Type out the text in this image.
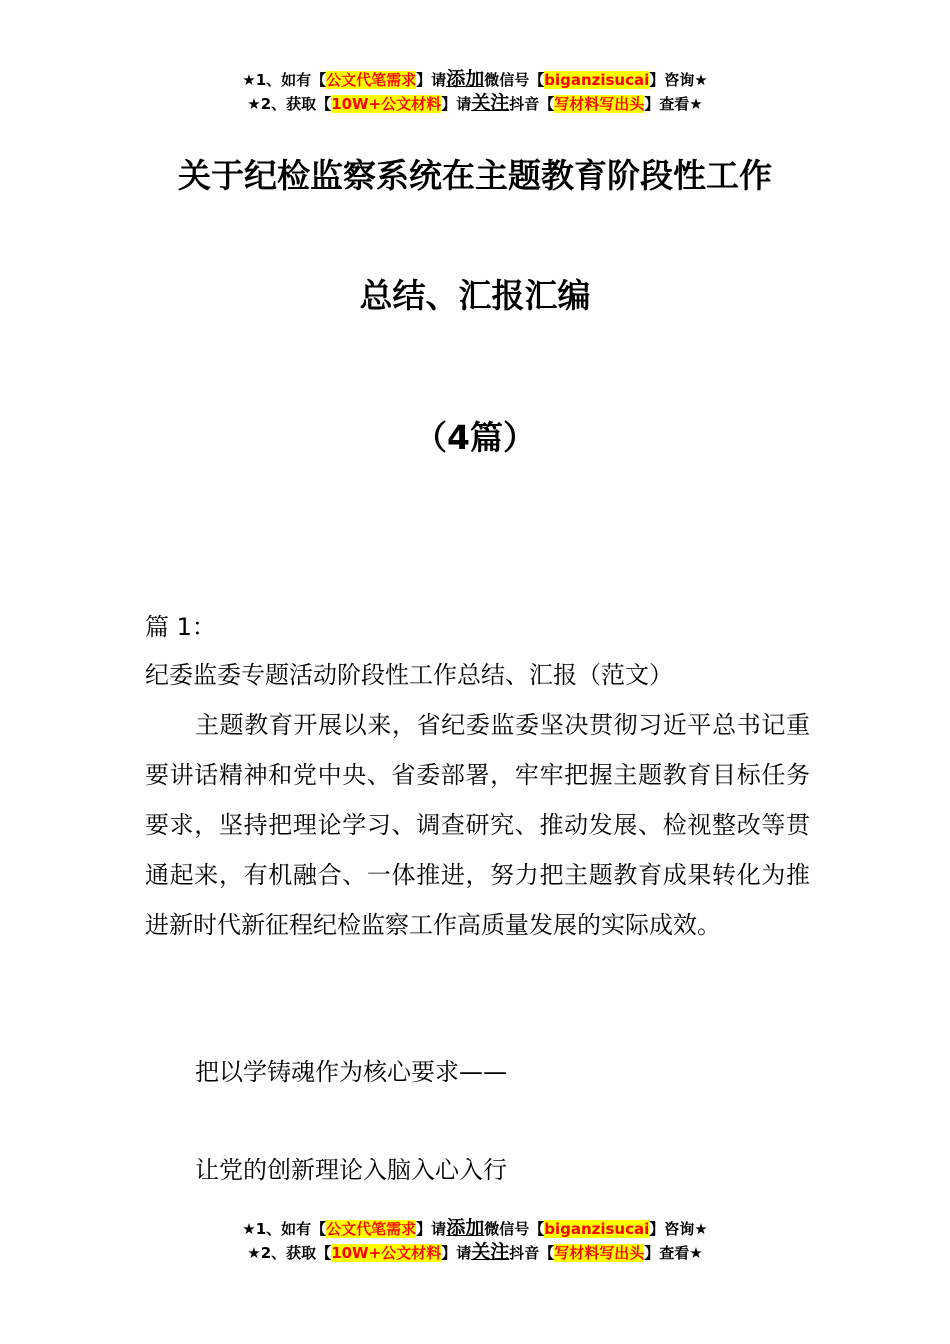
★1、如有【公文代笔需求】请添加微信号【biganzisucai】咨询★
★2、获取【10W+公文材料】请关注抖音【写材料写出头】查看★
关于纪检监察系统在主题教育阶段性工作
总结、汇报汇编
（4篇）

篇 1：

纪委监委专题活动阶段性工作总结、汇报（范文）

主题教育开展以来，省纪委监委坚决贯彻习近平总书记重要讲话精神和党中央、省委部署，牢牢把握主题教育目标任务要求，坚持把理论学习、调查研究、推动发展、检视整改等贯通起来，有机融合、一体推进，努力把主题教育成果转化为推进新时代新征程纪检监察工作高质量发展的实际成效。

把以学铸魂作为核心要求——

让党的创新理论入脑入心入行

★1、如有【公文代笔需求】请添加微信号【biganzisucai】咨询★
★2、获取【10W+公文材料】请关注抖音【写材料写出头】查看★
